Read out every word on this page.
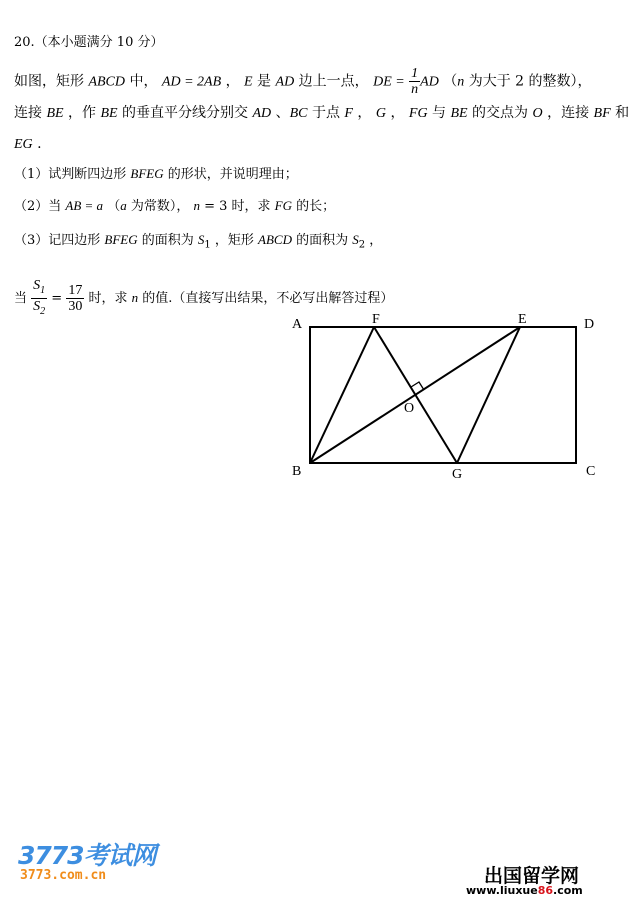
20.（本小题满分 10 分）
如图，矩形 ABCD 中， AD = 2AB ， E 是 AD 边上一点， DE = $\frac{1}{n}$ AD （n 为大于 2 的整数），
连接 BE ，作 BE 的垂直平分线分别交 AD 、BC 于点 F ， G ， FG 与 BE 的交点为 O ，连接 BF 和
EG .
（1）试判断四边形 BFEG 的形状，并说明理由；
（2）当 AB = a （a 为常数）， n = 3 时，求 FG 的长；
（3）记四边形 BFEG 的面积为 $S_1$ ，矩形 ABCD 的面积为 $S_2$ ，
当 $\frac{S_1}{S_2} = \frac{17}{30}$ 时，求 n 的值.（直接写出结果，不必写出解答过程）
A	F	E	D
O
B	G	C
3773考试网
3773.com.cn	出国留学网
www.liuxue86.com
